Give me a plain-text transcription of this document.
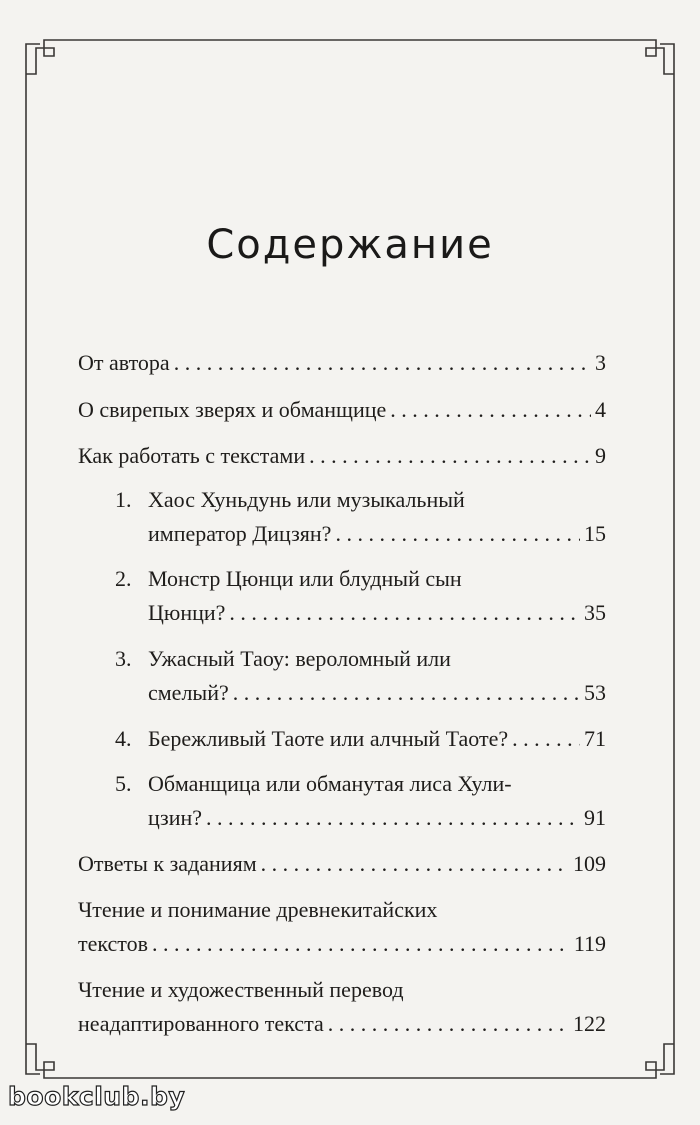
Содержание
От автора . . .	3
О свирепых зверях и обманщице . . .	4
Как работать с текстами . . .	9
1. Хаос Хуньдунь или музыкальный
император Дицзян? . . .	15
2. Монстр Цюнци или блудный сын
Цюнци? . . .	35
3. Ужасный Таоу: вероломный или
смелый? . . .	53
4. Бережливый Таоте или алчный Таоте? . . .	71
5. Обманщица или обманутая лиса Хули-
цзин? . . .	91
Ответы к заданиям . . .	109
Чтение и понимание древнекитайских
текстов . . .	119
Чтение и художественный перевод
неадаптированного текста . . .	122
bookclub.by
